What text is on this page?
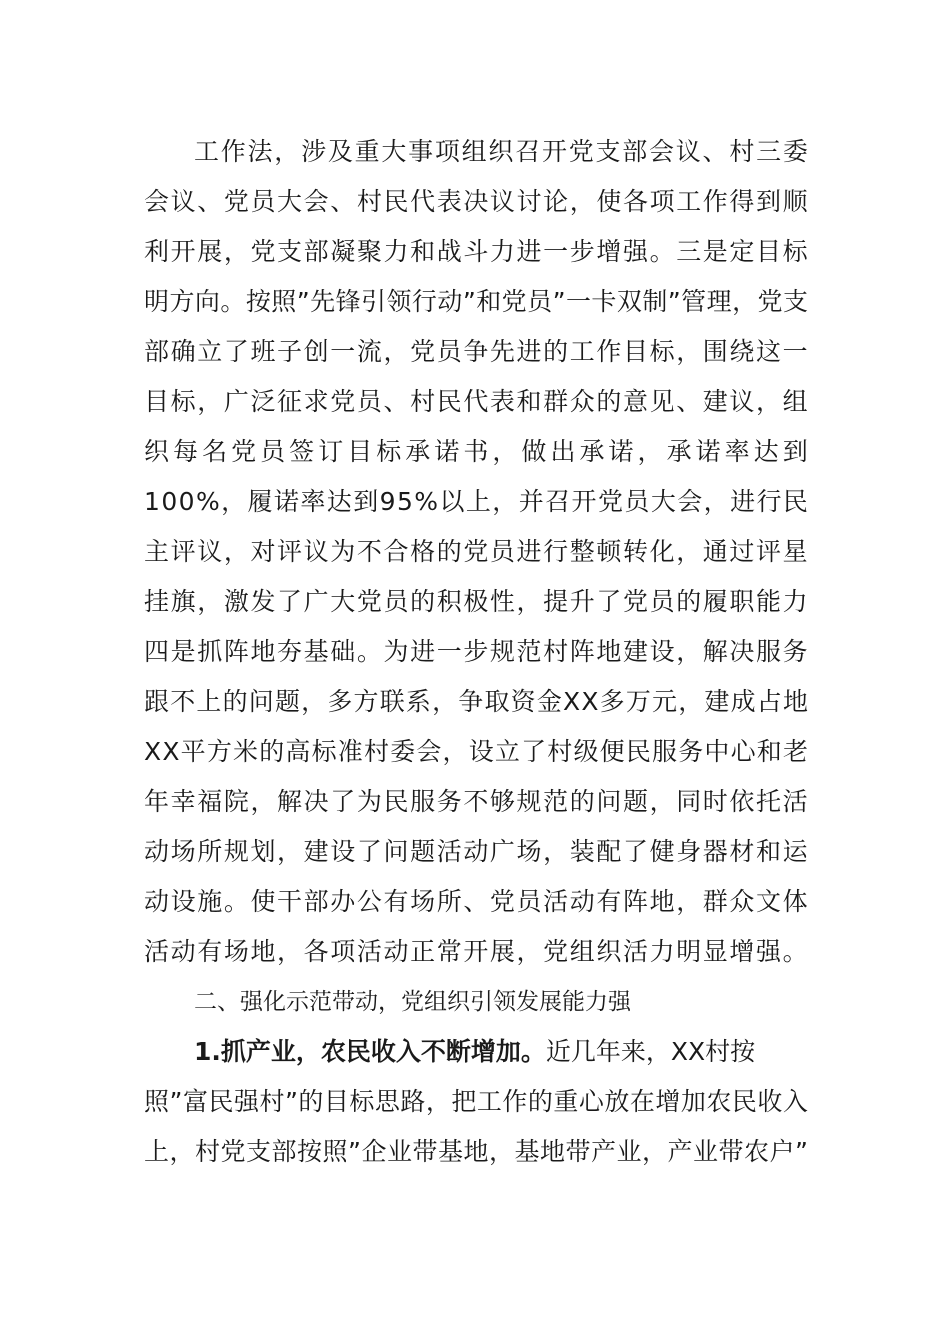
工 作 法 ， 涉 及 重 大 事 项 组 织 召 开 党 支 部 会 议 、 村 三 委
会 议 、 党 员 大 会 、 村 民 代 表 决 议 讨 论 ， 使 各 项 工 作 得 到 顺
利 开 展 ， 党 支 部 凝 聚 力 和 战 斗 力 进 一 步 增 强 。 三 是 定 目 标
明 方 向 。 按 照 ” 先 锋 引 领 行 动 ” 和 党 员 ” 一 卡 双 制 ” 管 理 ， 党 支
部 确 立 了 班 子 创 一 流 ， 党 员 争 先 进 的 工 作 目 标 ， 围 绕 这 一
目 标 ， 广 泛 征 求 党 员 、 村 民 代 表 和 群 众 的 意 见 、 建 议 ， 组
织 每 名 党 员 签 订 目 标 承 诺 书 ， 做 出 承 诺 ， 承 诺 率 达 到
1 0 0 % ， 履 诺 率 达 到 9 5 % 以 上 ， 并 召 开 党 员 大 会 ， 进 行 民
主 评 议 ， 对 评 议 为 不 合 格 的 党 员 进 行 整 顿 转 化 ， 通 过 评 星
挂 旗 ， 激 发 了 广 大 党 员 的 积 极 性 ， 提 升 了 党 员 的 履 职 能 力
四 是 抓 阵 地 夯 基 础 。 为 进 一 步 规 范 村 阵 地 建 设 ， 解 决 服 务
跟 不 上 的 问 题 ， 多 方 联 系 ， 争 取 资 金 X X 多 万 元 ， 建 成 占 地
X X 平 方 米 的 高 标 准 村 委 会 ， 设 立 了 村 级 便 民 服 务 中 心 和 老
年 幸 福 院 ， 解 决 了 为 民 服 务 不 够 规 范 的 问 题 ， 同 时 依 托 活
动 场 所 规 划 ， 建 设 了 问 题 活 动 广 场 ， 装 配 了 健 身 器 材 和 运
动 设 施 。 使 干 部 办 公 有 场 所 、 党 员 活 动 有 阵 地 ， 群 众 文 体
活 动 有 场 地 ， 各 项 活 动 正 常 开 展 ， 党 组 织 活 力 明 显 增 强 。
二、强化示范带动，党组织引领发展能力强
1.抓产业，农民收入不断增加。近几年来，XX村按
照 ” 富 民 强 村 ” 的 目 标 思 路 ， 把 工 作 的 重 心 放 在 增 加 农 民 收 入
上 ， 村 党 支 部 按 照 ” 企 业 带 基 地 ， 基 地 带 产 业 ， 产 业 带 农 户 ”
